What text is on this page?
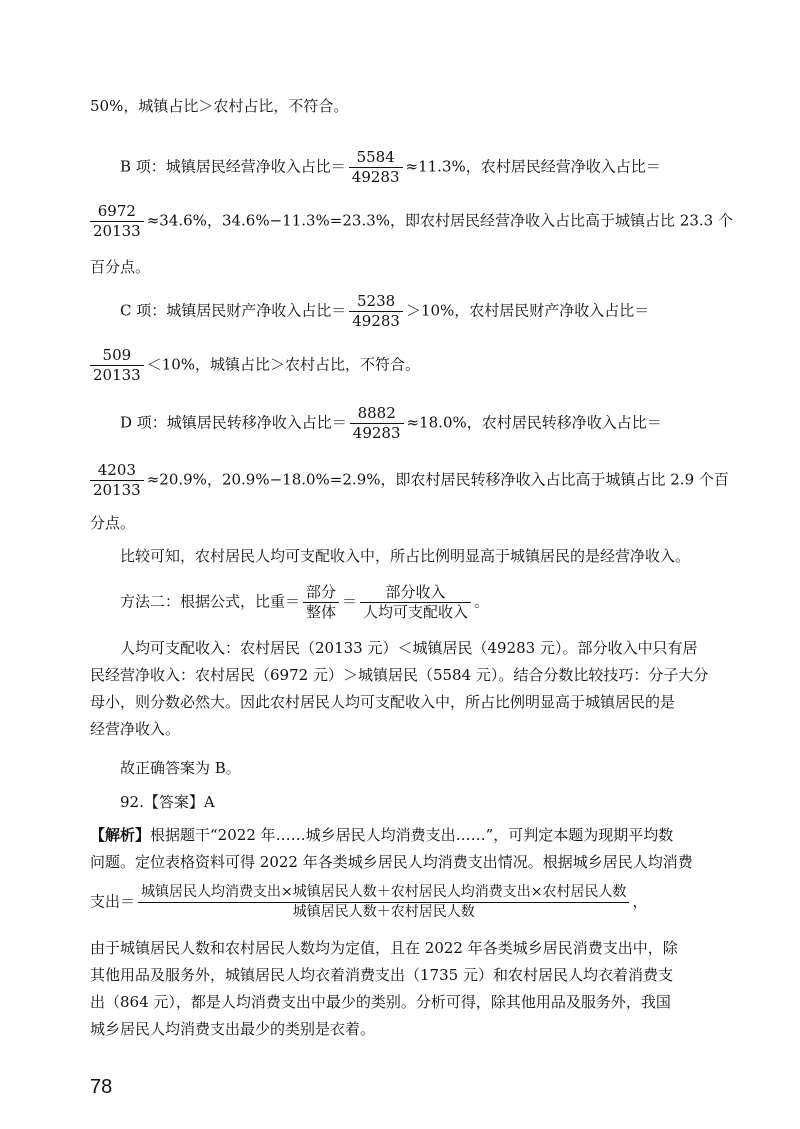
50%，城镇占比＞农村占比，不符合。
B 项：城镇居民经营净收入占比＝ $\frac{5584}{49283} \approx 11.3\%$，农村居民经营净收入占比＝
$\frac{6972}{20133} \approx 34.6\%$，34.6%−11.3%=23.3%，即农村居民经营净收入占比高于城镇占比 23.3 个
百分点。
C 项：城镇居民财产净收入占比＝ $\frac{5238}{49283} >10\%$，农村居民财产净收入占比＝
$\frac{509}{20133} <10\%$，城镇占比＞农村占比，不符合。
D 项：城镇居民转移净收入占比＝ $\frac{8882}{49283} \approx 18.0\%$，农村居民转移净收入占比＝
$\frac{4203}{20133} \approx 20.9\%$，20.9%−18.0%=2.9%，即农村居民转移净收入占比高于城镇占比 2.9 个百
分点。
比较可知，农村居民人均可支配收入中，所占比例明显高于城镇居民的是经营净收入。
方法二：根据公式，比重＝ $\frac{\text{部分}}{\text{整体}} = \frac{\text{部分收入}}{\text{人均可支配收入}}$ 。
人均可支配收入：农村居民（20133 元）＜城镇居民（49283 元）。部分收入中只有居
民经营净收入：农村居民（6972 元）＞城镇居民（5584 元）。结合分数比较技巧：分子大分
母小，则分数必然大。因此农村居民人均可支配收入中，所占比例明显高于城镇居民的是
经营净收入。
故正确答案为 B。
92.【答案】A
【解析】根据题干“2022 年……城乡居民人均消费支出……”，可判定本题为现期平均数
问题。定位表格资料可得 2022 年各类城乡居民人均消费支出情况。根据城乡居民人均消费
支出＝ $\frac{\text{城镇居民人均消费支出×城镇居民人数＋农村居民人均消费支出×农村居民人数}}{\text{城镇居民人数＋农村居民人数}}$ ，
由于城镇居民人数和农村居民人数均为定值，且在 2022 年各类城乡居民消费支出中，除
其他用品及服务外，城镇居民人均衣着消费支出（1735 元）和农村居民人均衣着消费支
出（864 元），都是人均消费支出中最少的类别。分析可得，除其他用品及服务外，我国
城乡居民人均消费支出最少的类别是衣着。
78
